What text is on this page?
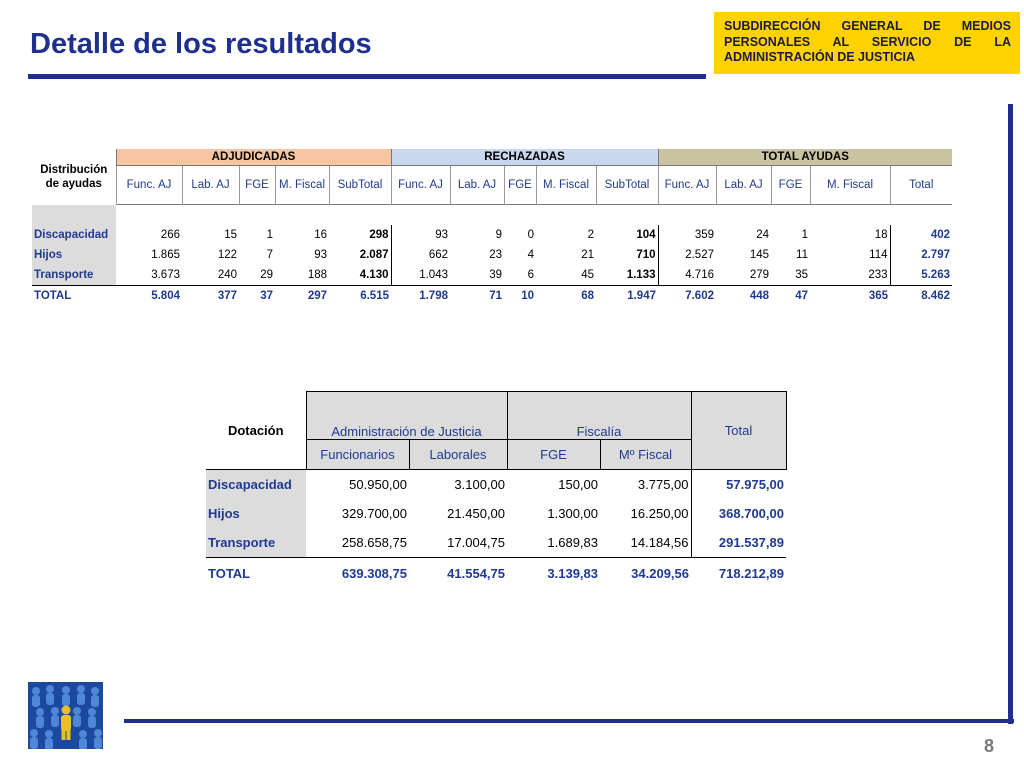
Detalle de los resultados
SUBDIRECCIÓN GENERAL DE MEDIOS PERSONALES AL SERVICIO DE LA ADMINISTRACIÓN DE JUSTICIA
Distribución de ayudas	ADJUDICADAS					RECHAZADAS					TOTAL AYUDAS				
	Func. AJ	Lab. AJ	FGE	M. Fiscal	SubTotal	Func. AJ	Lab. AJ	FGE	M. Fiscal	SubTotal	Func. AJ	Lab. AJ	FGE	M. Fiscal	Total

Discapacidad	266	15	1	16	298	93	9	0	2	104	359	24	1	18	402
Hijos	1.865	122	7	93	2.087	662	23	4	21	710	2.527	145	11	114	2.797
Transporte	3.673	240	29	188	4.130	1.043	39	6	45	1.133	4.716	279	35	233	5.263
TOTAL	5.804	377	37	297	6.515	1.798	71	10	68	1.947	7.602	448	47	365	8.462
Dotación	Administración de Justicia		Fiscalía		Total
	Funcionarios	Laborales	FGE	Mº Fiscal	
Discapacidad	50.950,00	3.100,00	150,00	3.775,00	57.975,00
Hijos	329.700,00	21.450,00	1.300,00	16.250,00	368.700,00
Transporte	258.658,75	17.004,75	1.689,83	14.184,56	291.537,89
TOTAL	639.308,75	41.554,75	3.139,83	34.209,56	718.212,89
8
